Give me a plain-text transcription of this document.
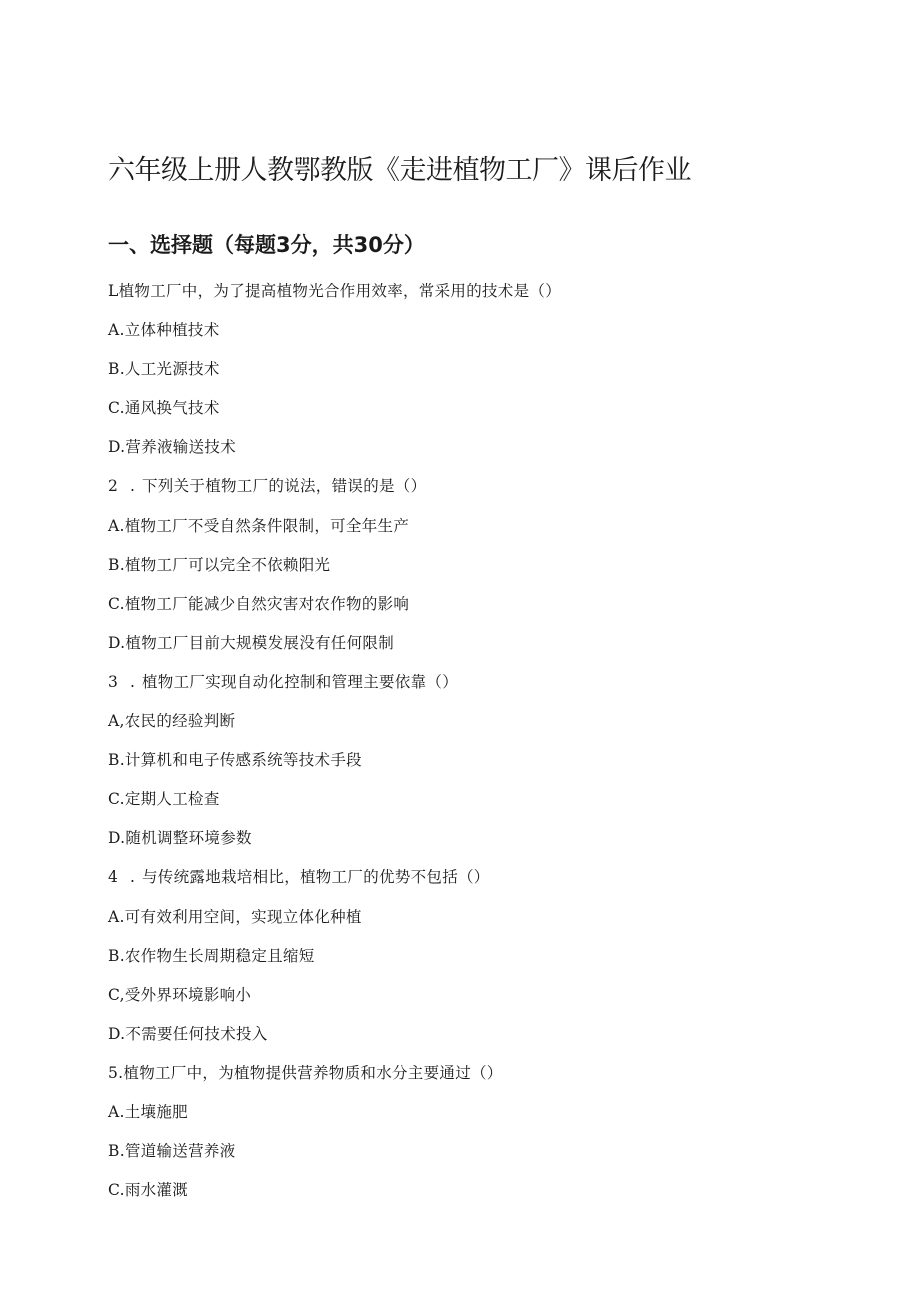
六年级上册人教鄂教版《走进植物工厂》课后作业
一、选择题（每题3分，共30分）
L植物工厂中，为了提高植物光合作用效率，常采用的技术是（）
A.立体种植技术
B.人工光源技术
C.通风换气技术
D.营养液输送技术
2 . 下列关于植物工厂的说法，错误的是（）
A.植物工厂不受自然条件限制，可全年生产
B.植物工厂可以完全不依赖阳光
C.植物工厂能减少自然灾害对农作物的影响
D.植物工厂目前大规模发展没有任何限制
3 . 植物工厂实现自动化控制和管理主要依靠（）
A,农民的经验判断
B.计算机和电子传感系统等技术手段
C.定期人工检查
D.随机调整环境参数
4 . 与传统露地栽培相比，植物工厂的优势不包括（）
A.可有效利用空间，实现立体化种植
B.农作物生长周期稳定且缩短
C,受外界环境影响小
D.不需要任何技术投入
5.植物工厂中，为植物提供营养物质和水分主要通过（）
A.土壤施肥
B.管道输送营养液
C.雨水灌溉
